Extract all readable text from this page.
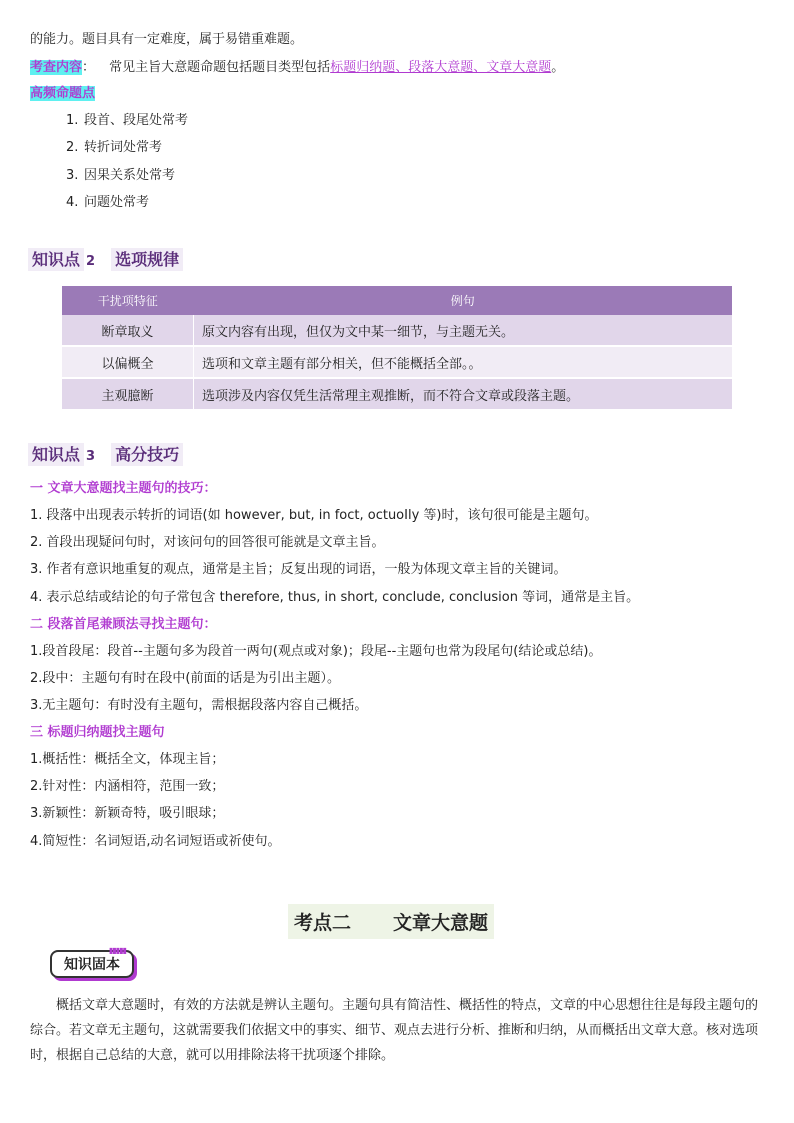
的能力。题目具有一定难度，属于易错重难题。
考查内容： 常见主旨大意题命题包括题目类型包括标题归纳题、段落大意题、文章大意题。
高频命题点
1. 段首、段尾处常考
2. 转折词处常考
3. 因果关系处常考
4. 问题处常考
知识点 2 选项规律
干扰项特征	例句
断章取义	原文内容有出现，但仅为文中某一细节，与主题无关。
以偏概全	选项和文章主题有部分相关，但不能概括全部。。
主观臆断	选项涉及内容仅凭生活常理主观推断，而不符合文章或段落主题。
知识点 3 高分技巧
一 文章大意题找主题句的技巧：
1. 段落中出现表示转折的词语(如 however, but, in foct, octuoIly 等)时，该句很可能是主题句。
2. 首段出现疑问句时，对该问句的回答很可能就是文章主旨。
3. 作者有意识地重复的观点，通常是主旨；反复出现的词语，一般为体现文章主旨的关键词。
4. 表示总结或结论的句子常包含 therefore, thus, in short, conclude, conclusion 等词，通常是主旨。
二 段落首尾兼顾法寻找主题句：
1.段首段尾：段首--主题句多为段首一两句(观点或对象)；段尾--主题句也常为段尾句(结论或总结)。
2.段中：主题句有时在段中(前面的话是为引出主题）。
3.无主题句：有时没有主题句，需根据段落内容自己概括。
三 标题归纳题找主题句
1.概括性：概括全文，体现主旨；
2.针对性：内涵相符，范围一致；
3.新颖性：新颖奇特，吸引眼球；
4.简短性：名词短语,动名词短语或祈使句。
考点二 文章大意题
▮▮▮▮▮
知识固本
概括文章大意题时，有效的方法就是辨认主题句。主题句具有简洁性、概括性的特点，文章的中心思想往往是每段主题句的综合。若文章无主题句，这就需要我们依据文中的事实、细节、观点去进行分析、推断和归纳，从而概括出文章大意。核对选项时，根据自己总结的大意，就可以用排除法将干扰项逐个排除。
